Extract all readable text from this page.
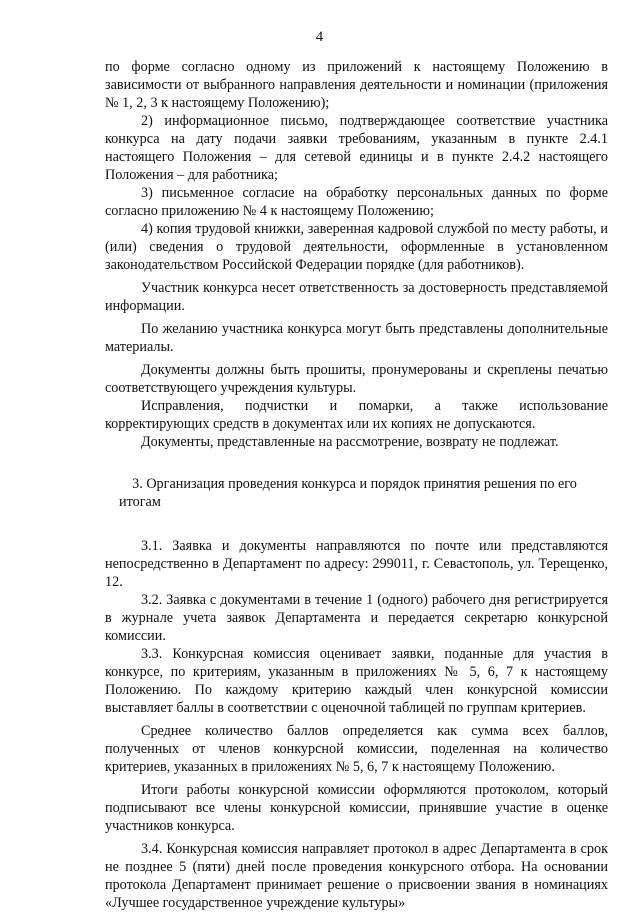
4

по форме согласно одному из приложений к настоящему Положению в зависимости от выбранного направления деятельности и номинации (приложения № 1, 2, 3 к настоящему Положению);

2) информационное письмо, подтверждающее соответствие участника конкурса на дату подачи заявки требованиям, указанным в пункте 2.4.1 настоящего Положения – для сетевой единицы и в пункте 2.4.2 настоящего Положения – для работника;

3) письменное согласие на обработку персональных данных по форме согласно приложению № 4 к настоящему Положению;

4) копия трудовой книжки, заверенная кадровой службой по месту работы, и (или) сведения о трудовой деятельности, оформленные в установленном законодательством Российской Федерации порядке (для работников).

Участник конкурса несет ответственность за достоверность представляемой информации.

По желанию участника конкурса могут быть представлены дополнительные материалы.

Документы должны быть прошиты, пронумерованы и скреплены печатью соответствующего учреждения культуры.

Исправления, подчистки и помарки, а также использование корректирующих средств в документах или их копиях не допускаются.

Документы, представленные на рассмотрение, возврату не подлежат.

3. Организация проведения конкурса и порядок принятия решения по его итогам

3.1. Заявка и документы направляются по почте или представляются непосредственно в Департамент по адресу: 299011, г. Севастополь, ул. Терещенко, 12.

3.2. Заявка с документами в течение 1 (одного) рабочего дня регистрируется в журнале учета заявок Департамента и передается секретарю конкурсной комиссии.

3.3. Конкурсная комиссия оценивает заявки, поданные для участия в конкурсе, по критериям, указанным в приложениях № 5, 6, 7 к настоящему Положению. По каждому критерию каждый член конкурсной комиссии выставляет баллы в соответствии с оценочной таблицей по группам критериев.

Среднее количество баллов определяется как сумма всех баллов, полученных от членов конкурсной комиссии, поделенная на количество критериев, указанных в приложениях № 5, 6, 7 к настоящему Положению.

Итоги работы конкурсной комиссии оформляются протоколом, который подписывают все члены конкурсной комиссии, принявшие участие в оценке участников конкурса.

3.4. Конкурсная комиссия направляет протокол в адрес Департамента в срок не позднее 5 (пяти) дней после проведения конкурсного отбора. На основании протокола Департамент принимает решение о присвоении звания в номинациях «Лучшее государственное учреждение культуры»
